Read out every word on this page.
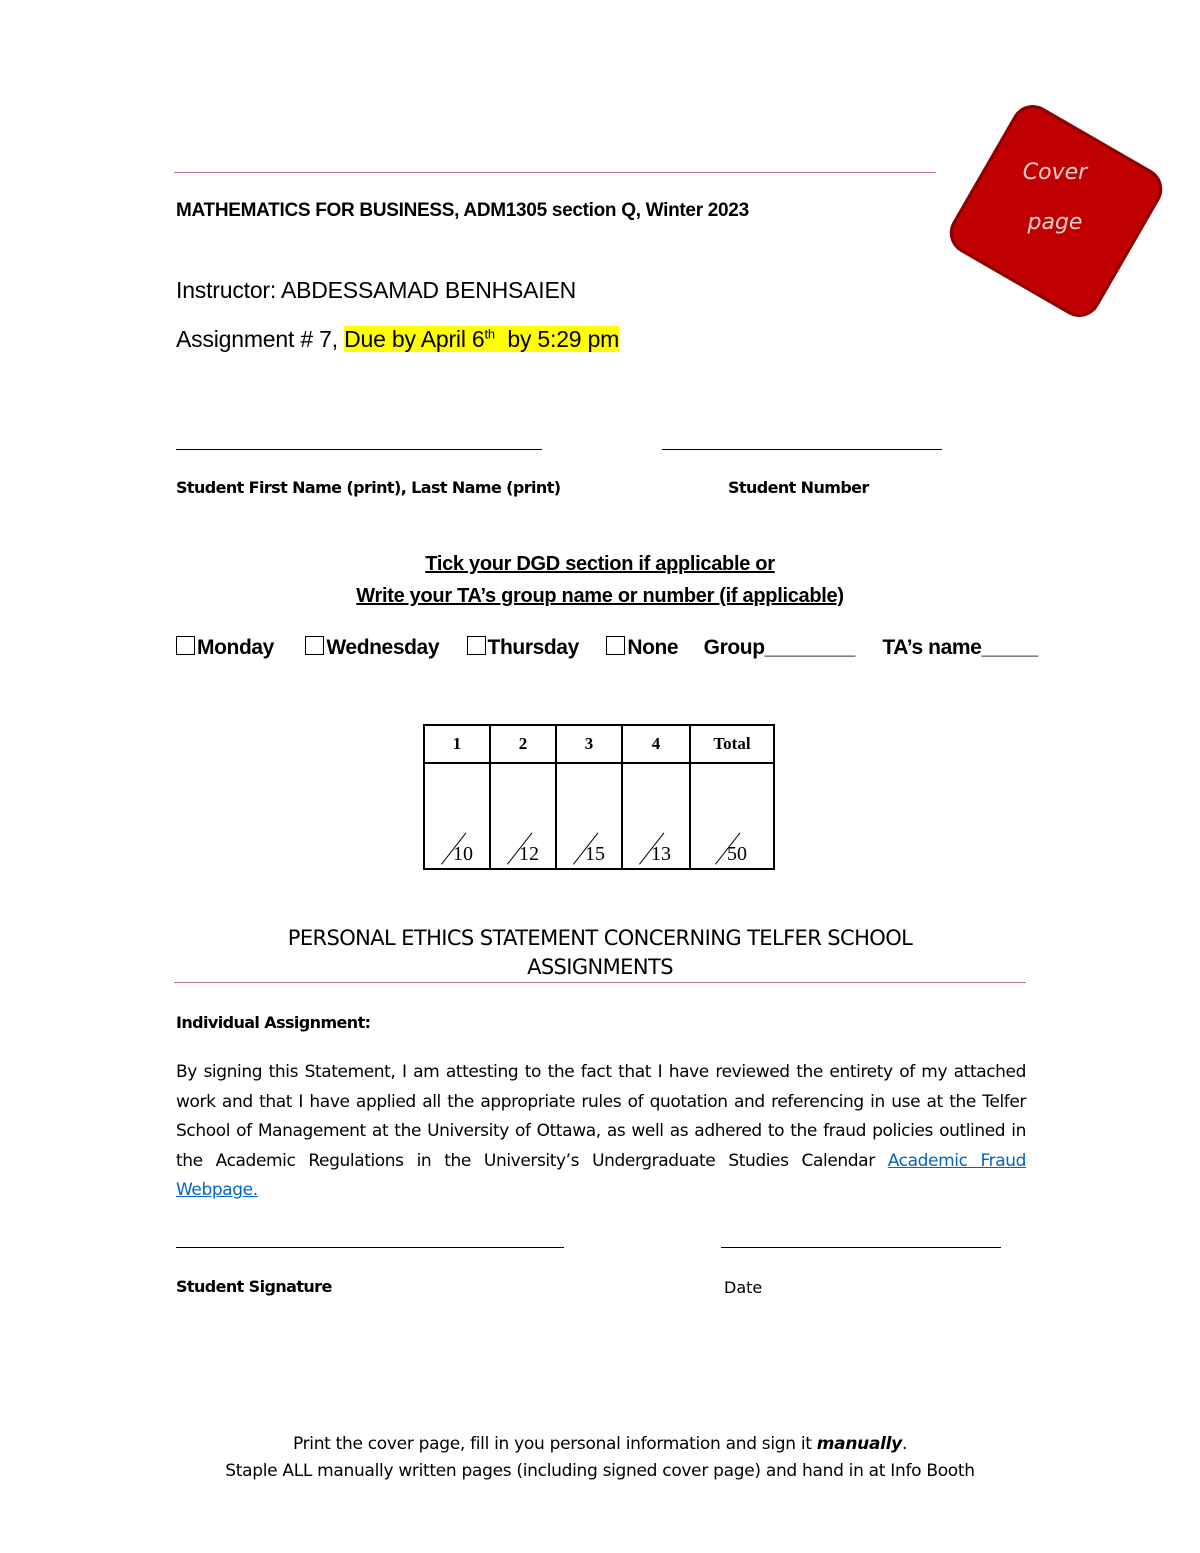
Cover
page
MATHEMATICS FOR BUSINESS, ADM1305 section Q, Winter 2023
Instructor: ABDESSAMAD BENHSAIEN
Assignment # 7, Due by April 6th  by 5:29 pm
Student First Name (print), Last Name (print)	Student Number
Tick your DGD section if applicable or
Write your TA’s group name or number (if applicable)
Monday Wednesday Thursday None Group________ TA’s name_____
1	2	3	4	Total

10	12	15	13	50
PERSONAL ETHICS STATEMENT CONCERNING TELFER SCHOOL
ASSIGNMENTS
Individual Assignment:
By signing this Statement, I am attesting to the fact that I have reviewed the entirety of my attached work and that I have applied all the appropriate rules of quotation and referencing in use at the Telfer School of Management at the University of Ottawa, as well as adhered to the fraud policies outlined in the Academic Regulations in the University’s Undergraduate Studies Calendar Academic Fraud Webpage.
Student Signature	Date
Print the cover page, fill in you personal information and sign it manually.
Staple ALL manually written pages (including signed cover page) and hand in at Info Booth
